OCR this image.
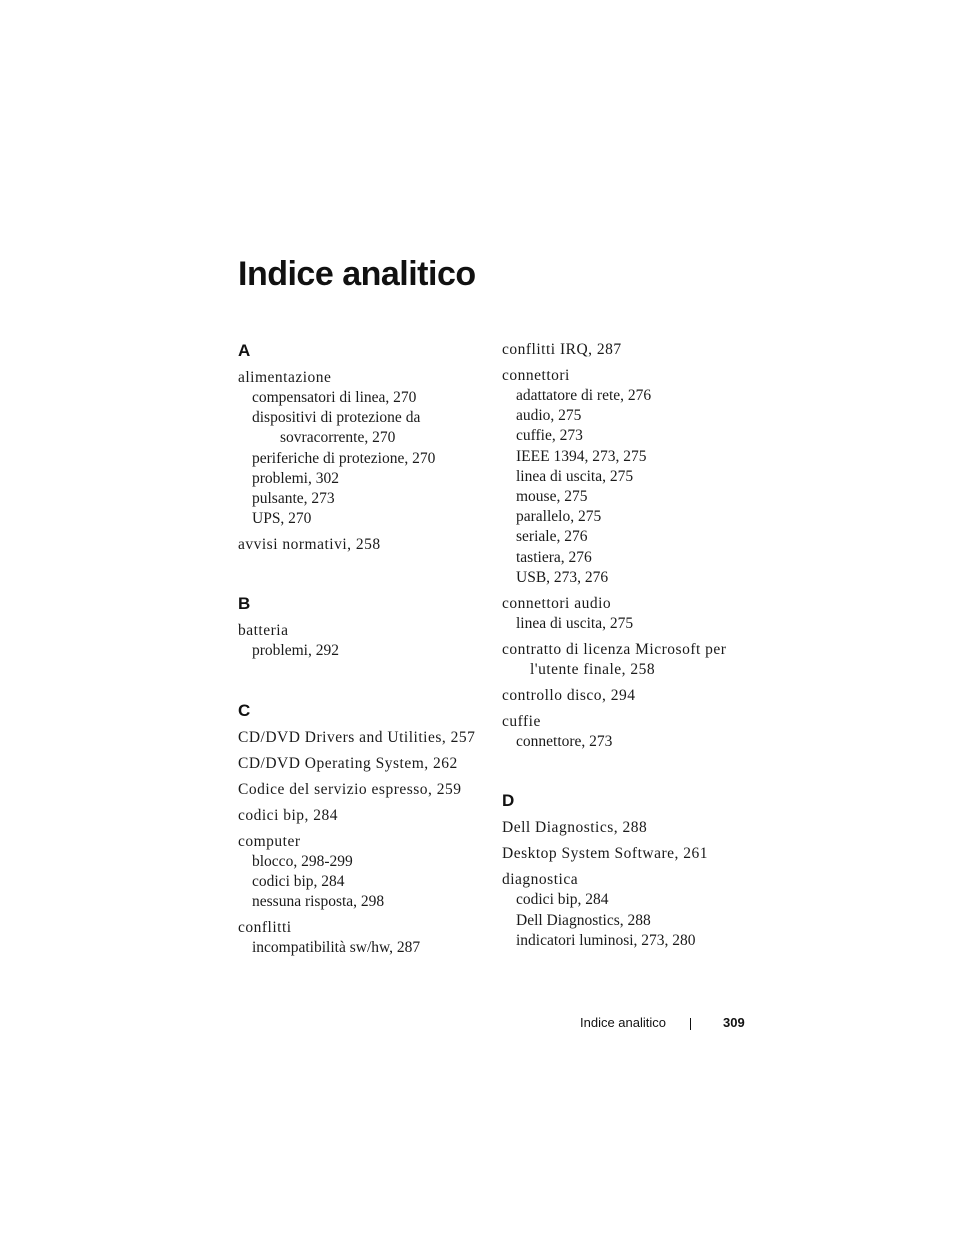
Indice analitico
A
alimentazione
compensatori di linea, 270
dispositivi di protezione da sovracorrente, 270
periferiche di protezione, 270
problemi, 302
pulsante, 273
UPS, 270
avvisi normativi, 258
B
batteria
problemi, 292
C
CD/DVD Drivers and Utilities, 257
CD/DVD Operating System, 262
Codice del servizio espresso, 259
codici bip, 284
computer
blocco, 298-299
codici bip, 284
nessuna risposta, 298
conflitti
incompatibilità sw/hw, 287
conflitti IRQ, 287
connettori
adattatore di rete, 276
audio, 275
cuffie, 273
IEEE 1394, 273, 275
linea di uscita, 275
mouse, 275
parallelo, 275
seriale, 276
tastiera, 276
USB, 273, 276
connettori audio
linea di uscita, 275
contratto di licenza Microsoft per l'utente finale, 258
controllo disco, 294
cuffie
connettore, 273
D
Dell Diagnostics, 288
Desktop System Software, 261
diagnostica
codici bip, 284
Dell Diagnostics, 288
indicatori luminosi, 273, 280
Indice analitico	309
